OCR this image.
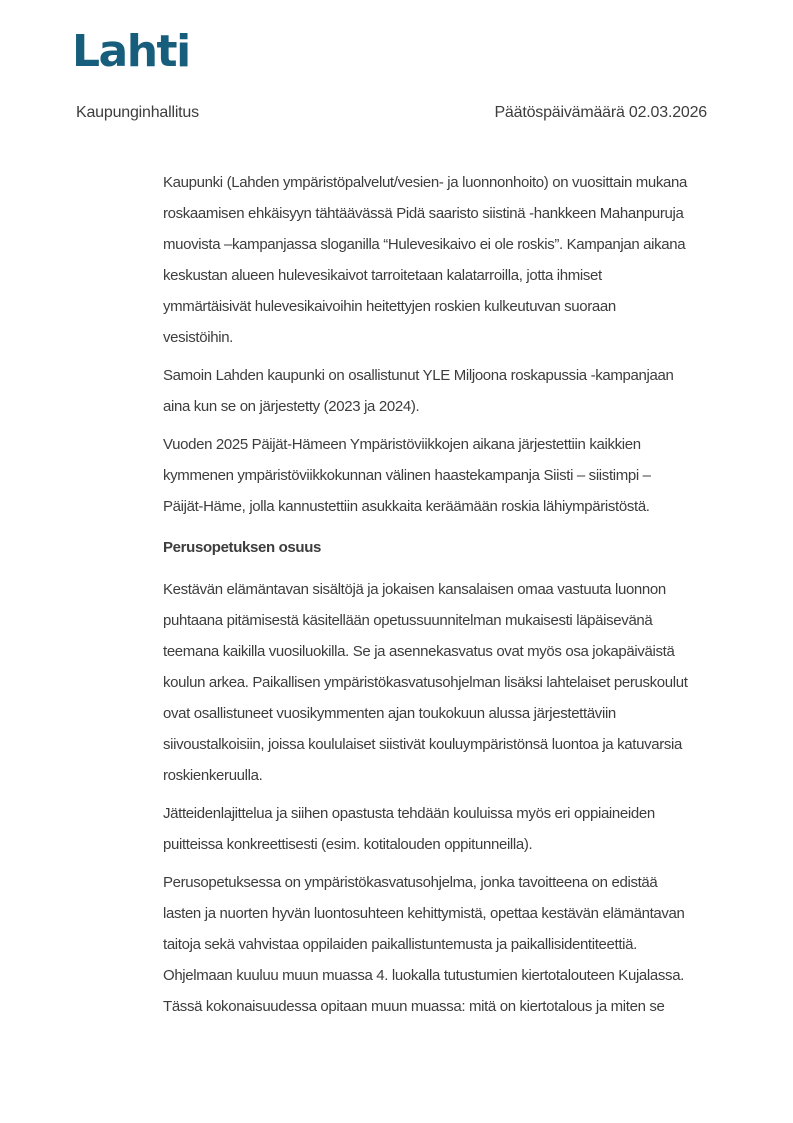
Lahti
Kaupunginhallitus	Päätöspäivämäärä 02.03.2026
Kaupunki (Lahden ympäristöpalvelut/vesien- ja luonnonhoito) on vuosittain mukana
roskaamisen ehkäisyyn tähtäävässä Pidä saaristo siistinä -hankkeen Mahanpuruja
muovista –kampanjassa sloganilla “Hulevesikaivo ei ole roskis”. Kampanjan aikana
keskustan alueen hulevesikaivot tarroitetaan kalatarroilla, jotta ihmiset
ymmärtäisivät hulevesikaivoihin heitettyjen roskien kulkeutuvan suoraan
vesistöihin.
Samoin Lahden kaupunki on osallistunut YLE Miljoona roskapussia -kampanjaan
aina kun se on järjestetty (2023 ja 2024).
Vuoden 2025 Päijät-Hämeen Ympäristöviikkojen aikana järjestettiin kaikkien
kymmenen ympäristöviikkokunnan välinen haastekampanja Siisti – siistimpi –
Päijät-Häme, jolla kannustettiin asukkaita keräämään roskia lähiympäristöstä.
Perusopetuksen osuus
Kestävän elämäntavan sisältöjä ja jokaisen kansalaisen omaa vastuuta luonnon
puhtaana pitämisestä käsitellään opetussuunnitelman mukaisesti läpäisevänä
teemana kaikilla vuosiluokilla. Se ja asennekasvatus ovat myös osa jokapäiväistä
koulun arkea. Paikallisen ympäristökasvatusohjelman lisäksi lahtelaiset peruskoulut
ovat osallistuneet vuosikymmenten ajan toukokuun alussa järjestettäviin
siivoustalkoisiin, joissa koululaiset siistivät kouluympäristönsä luontoa ja katuvarsia
roskienkeruulla.
Jätteidenlajittelua ja siihen opastusta tehdään kouluissa myös eri oppiaineiden
puitteissa konkreettisesti (esim. kotitalouden oppitunneilla).
Perusopetuksessa on ympäristökasvatusohjelma, jonka tavoitteena on edistää
lasten ja nuorten hyvän luontosuhteen kehittymistä, opettaa kestävän elämäntavan
taitoja sekä vahvistaa oppilaiden paikallistuntemusta ja paikallisidentiteettiä.
Ohjelmaan kuuluu muun muassa 4. luokalla tutustumien kiertotalouteen Kujalassa.
Tässä kokonaisuudessa opitaan muun muassa: mitä on kiertotalous ja miten se
